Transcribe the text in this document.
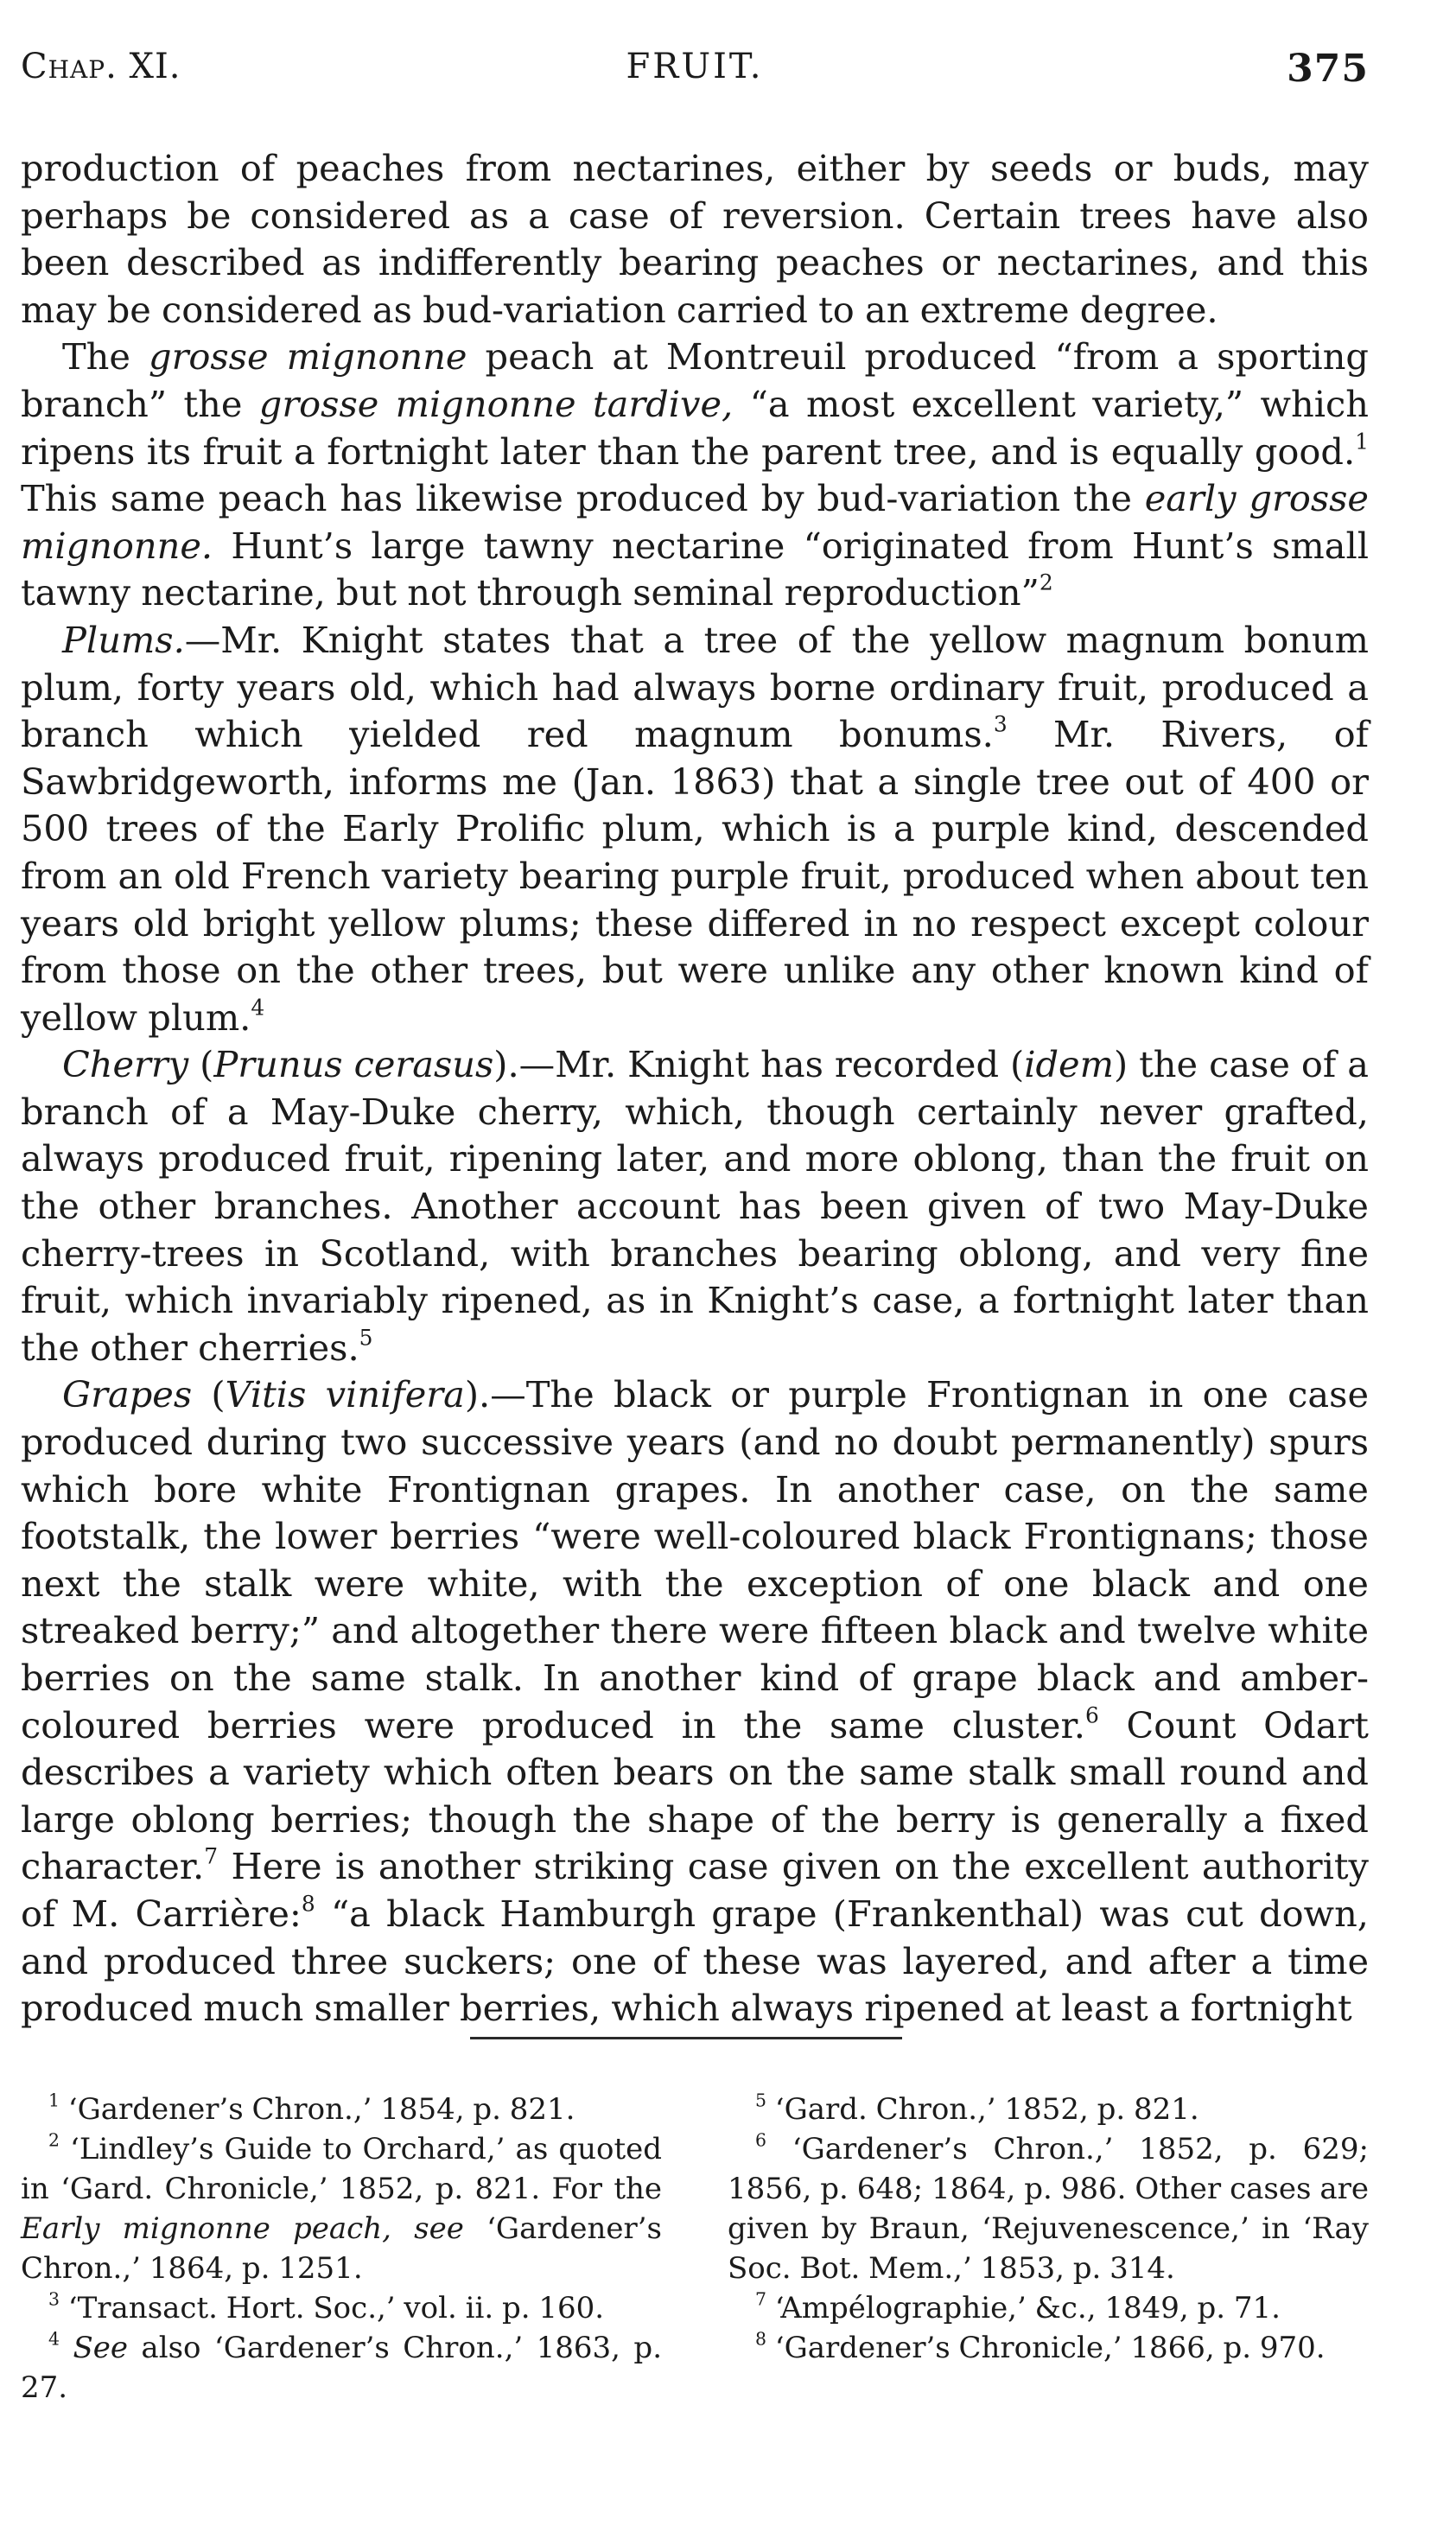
Chap. XI.	FRUIT.	375

production of peaches from nectarines, either by seeds or buds, may perhaps be considered as a case of reversion. Certain trees have also been described as indifferently bearing peaches or nectarines, and this may be considered as bud-variation carried to an extreme degree.

The grosse mignonne peach at Montreuil produced “from a sporting branch” the grosse mignonne tardive, “a most excellent variety,” which ripens its fruit a fortnight later than the parent tree, and is equally good.$^1$ This same peach has likewise produced by bud-variation the early grosse mignonne. Hunt’s large tawny nectarine “originated from Hunt’s small tawny nectarine, but not through seminal reproduction”$^2$

Plums.—Mr. Knight states that a tree of the yellow magnum bonum plum, forty years old, which had always borne ordinary fruit, produced a branch which yielded red magnum bonums.$^3$ Mr. Rivers, of Sawbridgeworth, informs me (Jan. 1863) that a single tree out of 400 or 500 trees of the Early Prolific plum, which is a purple kind, descended from an old French variety bearing purple fruit, produced when about ten years old bright yellow plums; these differed in no respect except colour from those on the other trees, but were unlike any other known kind of yellow plum.$^4$

Cherry (Prunus cerasus).—Mr. Knight has recorded (idem) the case of a branch of a May-Duke cherry, which, though certainly never grafted, always produced fruit, ripening later, and more oblong, than the fruit on the other branches. Another account has been given of two May-Duke cherry-trees in Scotland, with branches bearing oblong, and very fine fruit, which invariably ripened, as in Knight’s case, a fortnight later than the other cherries.$^5$

Grapes (Vitis vinifera).—The black or purple Frontignan in one case produced during two successive years (and no doubt permanently) spurs which bore white Frontignan grapes. In another case, on the same footstalk, the lower berries “were well-coloured black Frontignans; those next the stalk were white, with the exception of one black and one streaked berry;” and altogether there were fifteen black and twelve white berries on the same stalk. In another kind of grape black and amber-coloured berries were produced in the same cluster.$^6$ Count Odart describes a variety which often bears on the same stalk small round and large oblong berries; though the shape of the berry is generally a fixed character.$^7$ Here is another striking case given on the excellent authority of M. Carrière:$^8$ “a black Hamburgh grape (Frankenthal) was cut down, and produced three suckers; one of these was layered, and after a time produced much smaller berries, which always ripened at least a fortnight

$^1$ ‘Gardener’s Chron.,’ 1854, p. 821.

$^2$ ‘Lindley’s Guide to Orchard,’ as quoted in ‘Gard. Chronicle,’ 1852, p. 821. For the Early mignonne peach, see ‘Gardener’s Chron.,’ 1864, p. 1251.

$^3$ ‘Transact. Hort. Soc.,’ vol. ii. p. 160.

$^4$ See also ‘Gardener’s Chron.,’ 1863, p. 27.

$^5$ ‘Gard. Chron.,’ 1852, p. 821.

$^6$ ‘Gardener’s Chron.,’ 1852, p. 629; 1856, p. 648; 1864, p. 986. Other cases are given by Braun, ‘Rejuvenescence,’ in ‘Ray Soc. Bot. Mem.,’ 1853, p. 314.

$^7$ ‘Ampélographie,’ &c., 1849, p. 71.

$^8$ ‘Gardener’s Chronicle,’ 1866, p. 970.
